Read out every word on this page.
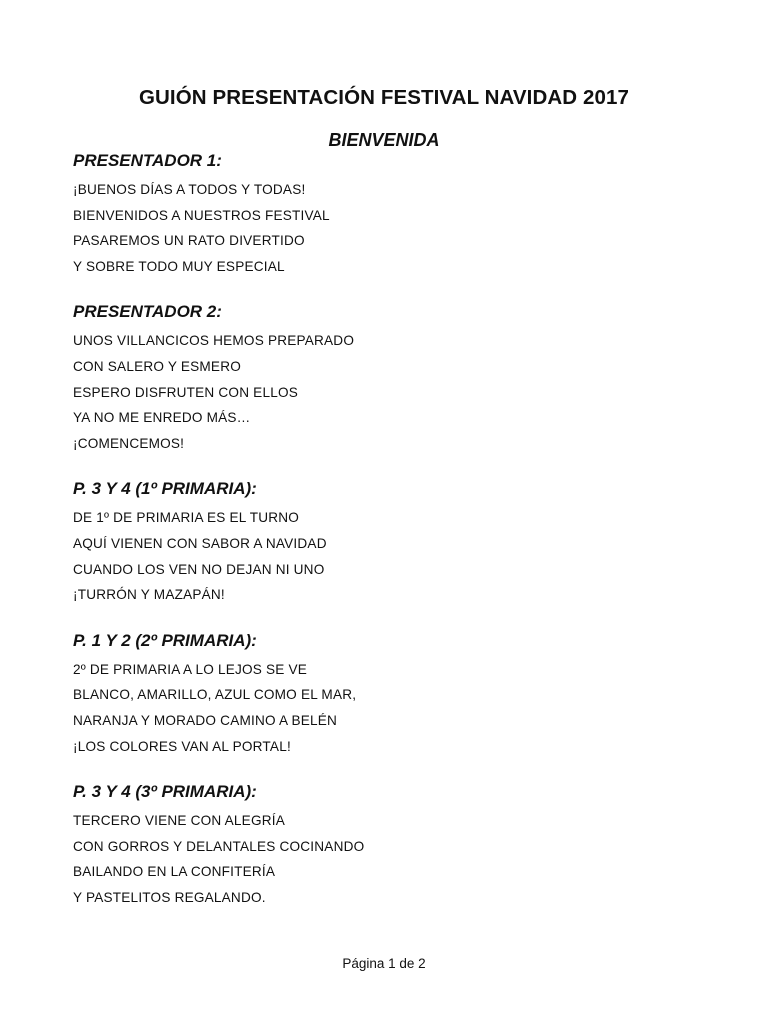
GUIÓN PRESENTACIÓN FESTIVAL NAVIDAD 2017
BIENVENIDA

PRESENTADOR 1:

¡BUENOS DÍAS A TODOS Y TODAS!

BIENVENIDOS A NUESTROS FESTIVAL

PASAREMOS UN RATO DIVERTIDO

Y SOBRE TODO MUY ESPECIAL

PRESENTADOR 2:

UNOS VILLANCICOS HEMOS PREPARADO

CON SALERO Y ESMERO

ESPERO DISFRUTEN CON ELLOS

YA NO ME ENREDO MÁS…

¡COMENCEMOS!

P. 3 Y 4 (1º PRIMARIA):

DE 1º DE PRIMARIA ES EL TURNO

AQUÍ VIENEN CON SABOR A NAVIDAD

CUANDO LOS VEN NO DEJAN NI UNO

¡TURRÓN Y MAZAPÁN!

P. 1 Y 2 (2º PRIMARIA):

2º DE PRIMARIA A LO LEJOS SE VE

BLANCO, AMARILLO, AZUL COMO EL MAR,

NARANJA Y MORADO CAMINO A BELÉN

¡LOS COLORES VAN AL PORTAL!

P. 3 Y 4 (3º PRIMARIA):

TERCERO VIENE CON ALEGRÍA

CON GORROS Y DELANTALES COCINANDO

BAILANDO EN LA CONFITERÍA

Y PASTELITOS REGALANDO.

Página 1 de 2
